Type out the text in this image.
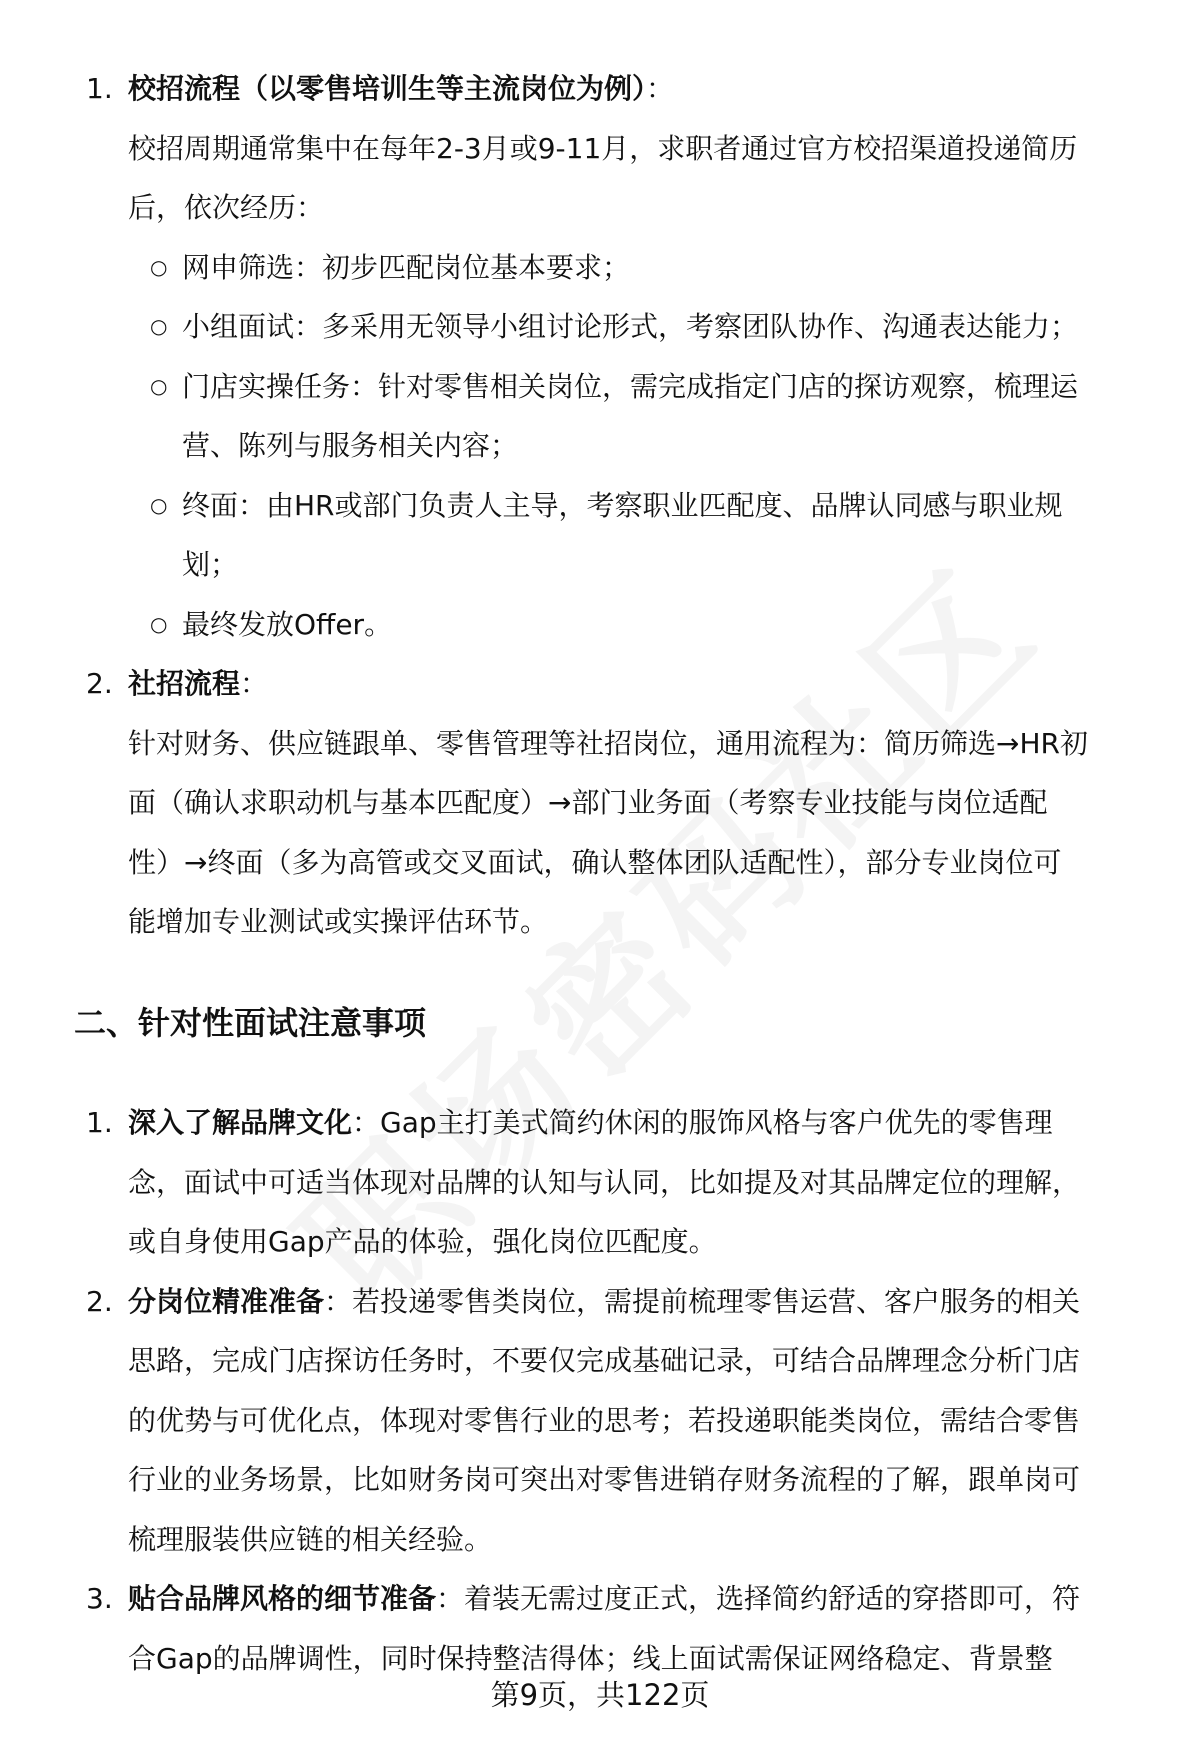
1. 校招流程（以零售培训生等主流岗位为例）：
校招周期通常集中在每年2-3月或9-11月，求职者通过官方校招渠道投递简历
后，依次经历：
○ 网申筛选：初步匹配岗位基本要求；
○ 小组面试：多采用无领导小组讨论形式，考察团队协作、沟通表达能力；
○ 门店实操任务：针对零售相关岗位，需完成指定门店的探访观察，梳理运
营、陈列与服务相关内容；
○ 终面：由HR或部门负责人主导，考察职业匹配度、品牌认同感与职业规
划；
○ 最终发放Offer。
2. 社招流程：
针对财务、供应链跟单、零售管理等社招岗位，通用流程为：简历筛选→HR初
面（确认求职动机与基本匹配度）→部门业务面（考察专业技能与岗位适配
性）→终面（多为高管或交叉面试，确认整体团队适配性），部分专业岗位可
能增加专业测试或实操评估环节。
二、针对性面试注意事项
1. 深入了解品牌文化：Gap主打美式简约休闲的服饰风格与客户优先的零售理
念，面试中可适当体现对品牌的认知与认同，比如提及对其品牌定位的理解，
或自身使用Gap产品的体验，强化岗位匹配度。
2. 分岗位精准准备：若投递零售类岗位，需提前梳理零售运营、客户服务的相关
思路，完成门店探访任务时，不要仅完成基础记录，可结合品牌理念分析门店
的优势与可优化点，体现对零售行业的思考；若投递职能类岗位，需结合零售
行业的业务场景，比如财务岗可突出对零售进销存财务流程的了解，跟单岗可
梳理服装供应链的相关经验。
3. 贴合品牌风格的细节准备：着装无需过度正式，选择简约舒适的穿搭即可，符
合Gap的品牌调性，同时保持整洁得体；线上面试需保证网络稳定、背景整
第9页，共122页
